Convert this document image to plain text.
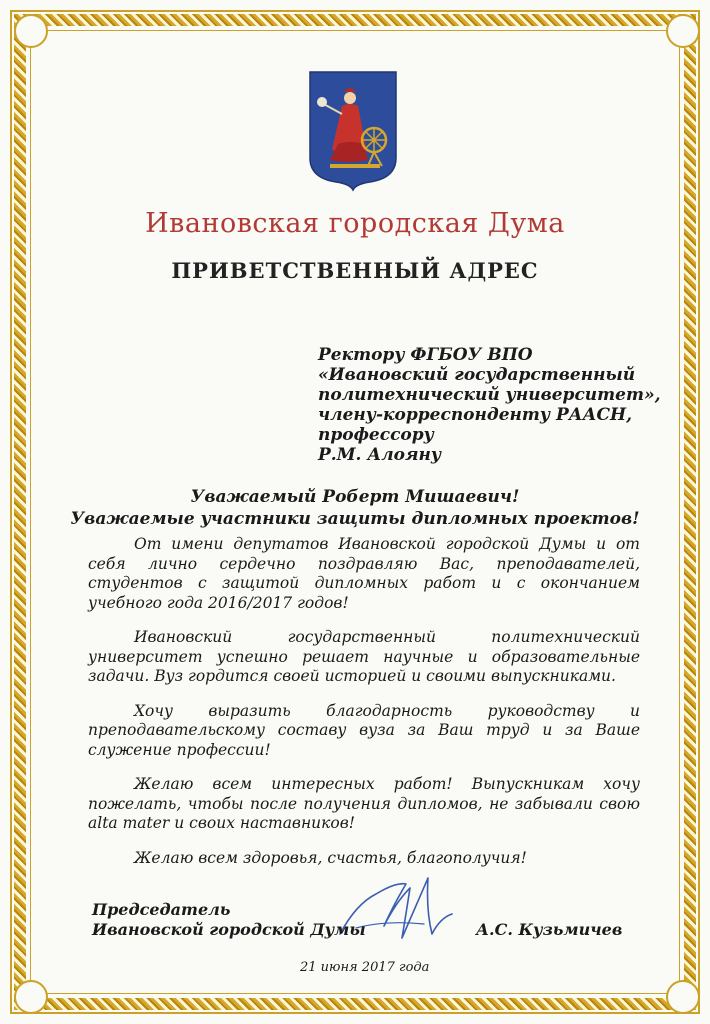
Ивановская городская Дума
ПРИВЕТСТВЕННЫЙ АДРЕС
Ректору ФГБОУ ВПО
«Ивановский государственный
политехнический университет»,
члену-корреспонденту РААСН,
профессору
Р.М. Алояну
Уважаемый Роберт Мишаевич!
Уважаемые участники защиты дипломных проектов!

От имени депутатов Ивановской городской Думы и от себя лично сердечно поздравляю Вас, преподавателей, студентов с защитой дипломных работ и с окончанием учебного года 2016/2017 годов!

Ивановский государственный политехнический университет успешно решает научные и образовательные задачи. Вуз гордится своей историей и своими выпускниками.

Хочу выразить благодарность руководству и преподавательскому составу вуза за Ваш труд и за Ваше служение профессии!

Желаю всем интересных работ! Выпускникам хочу пожелать, чтобы после получения дипломов, не забывали свою alta mater и своих наставников!

Желаю всем здоровья, счастья, благополучия!

Председатель
Ивановской городской Думы	А.С. Кузьмичев
21 июня 2017 года
